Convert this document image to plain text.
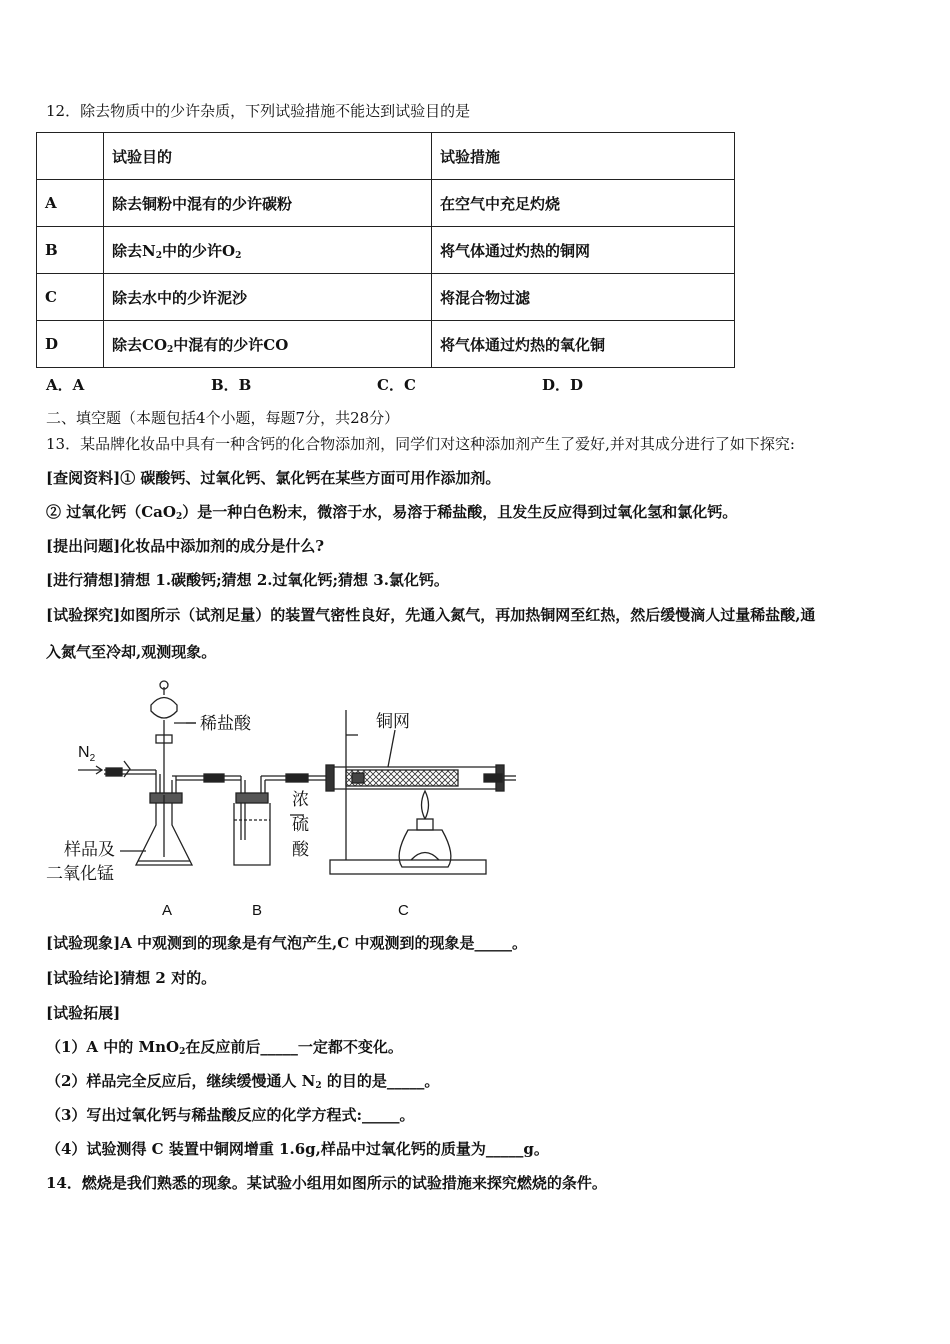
12．除去物质中的少许杂质，下列试验措施不能达到试验目的是
	试验目的	试验措施
A	除去铜粉中混有的少许碳粉	在空气中充足灼烧
B	除去$N_2$中的少许$O_2$	将气体通过灼热的铜网
C	除去水中的少许泥沙	将混合物过滤
D	除去$CO_2$中混有的少许CO	将气体通过灼热的氧化铜
A．A	B．B	C．C	D．D
二、填空题（本题包括4个小题，每题7分，共28分）
13．某品牌化妆品中具有一种含钙的化合物添加剂，同学们对这种添加剂产生了爱好,并对其成分进行了如下探究:
[查阅资料]① 碳酸钙、过氧化钙、氯化钙在某些方面可用作添加剂。
② 过氧化钙（CaO$_2$）是一种白色粉末，微溶于水，易溶于稀盐酸，且发生反应得到过氧化氢和氯化钙。
[提出问题]化妆品中添加剂的成分是什么?
[进行猜想]猜想 1.碳酸钙;猜想 2.过氧化钙;猜想 3.氯化钙。
[试验探究]如图所示（试剂足量）的装置气密性良好，先通入氮气，再加热铜网至红热，然后缓慢滴人过量稀盐酸,通
入氮气至冷却,观测现象。
$N_2$
稀盐酸	铜网
浓
硫
酸
样品及
二氧化锰
A	B	C
[试验现象]A 中观测到的现象是有气泡产生,C 中观测到的现象是_____。
[试验结论]猜想 2 对的。
[试验拓展]
（1）A 中的 MnO$_2$在反应前后_____一定都不变化。
（2）样品完全反应后，继续缓慢通人 $N_2$ 的目的是_____。
（3）写出过氧化钙与稀盐酸反应的化学方程式:_____。
（4）试验测得 C 装置中铜网增重 1.6g,样品中过氧化钙的质量为_____g。
14．燃烧是我们熟悉的现象。某试验小组用如图所示的试验措施来探究燃烧的条件。
